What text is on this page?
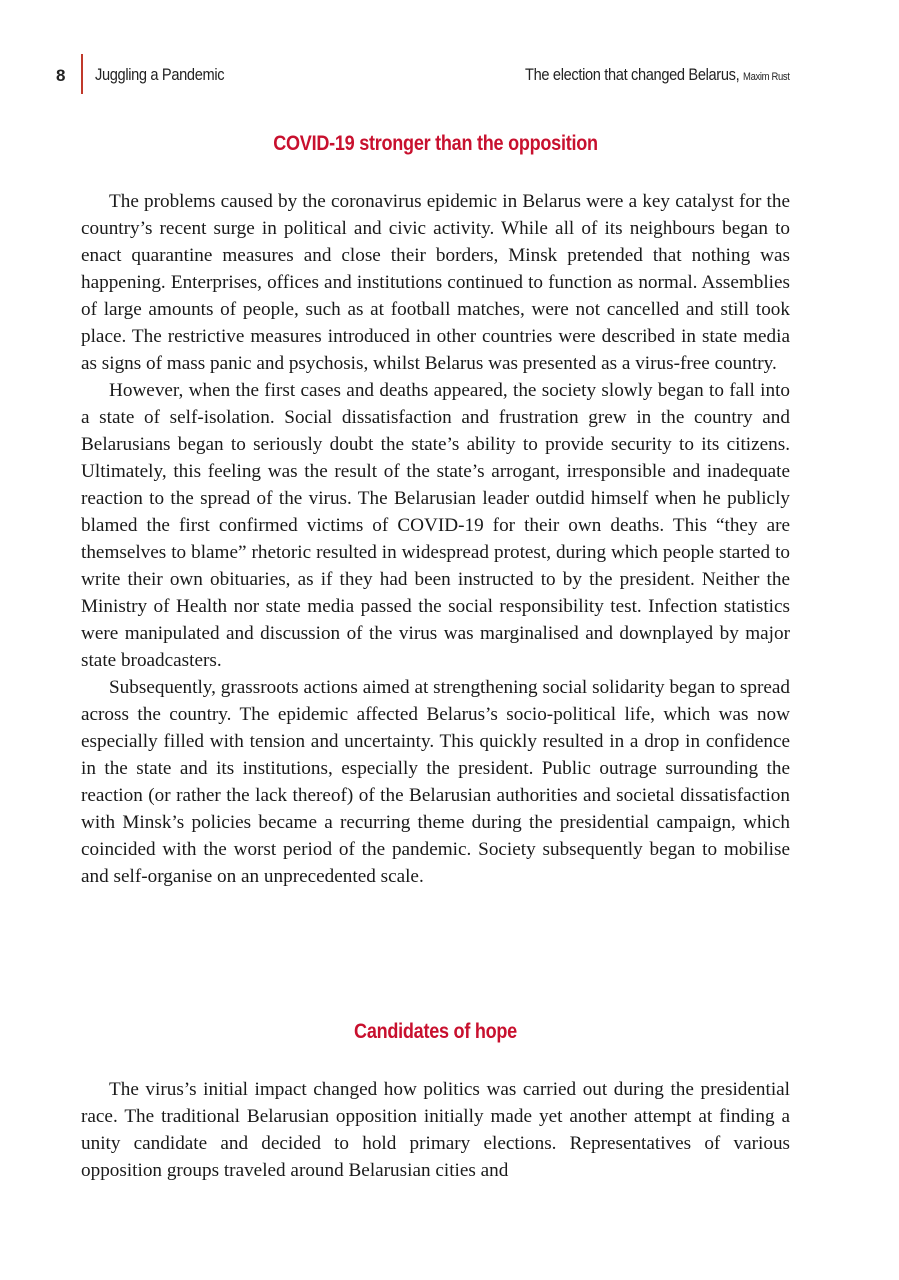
8 Juggling a Pandemic	The election that changed Belarus, Maxim Rust
COVID-19 stronger than the opposition

The problems caused by the coronavirus epidemic in Belarus were a key catalyst for the country’s recent surge in political and civic activity. While all of its neighbours began to enact quarantine measures and close their borders, Minsk pretended that nothing was happening. Enterprises, offices and institutions continued to function as normal. Assemblies of large amounts of people, such as at football matches, were not cancelled and still took place. The restrictive measures introduced in other countries were described in state media as signs of mass panic and psychosis, whilst Belarus was presented as a virus-free country.

However, when the first cases and deaths appeared, the society slowly began to fall into a state of self-isolation. Social dissatisfaction and frustration grew in the country and Belarusians began to seriously doubt the state’s ability to provide security to its citizens. Ultimately, this feeling was the result of the state’s arrogant, irresponsible and inadequate reaction to the spread of the virus. The Belarusian leader outdid himself when he publicly blamed the first confirmed victims of COVID-19 for their own deaths. This “they are themselves to blame” rhetoric resulted in widespread protest, during which people started to write their own obituaries, as if they had been instructed to by the president. Neither the Ministry of Health nor state media passed the social responsibility test. Infection statistics were manipulated and discussion of the virus was marginalised and downplayed by major state broadcasters.

Subsequently, grassroots actions aimed at strengthening social solidarity began to spread across the country. The epidemic affected Belarus’s socio-political life, which was now especially filled with tension and uncertainty. This quickly resulted in a drop in confidence in the state and its institutions, especially the president. Public outrage surrounding the reaction (or rather the lack thereof) of the Belarusian authorities and societal dissatisfaction with Minsk’s policies became a recurring theme during the presidential campaign, which coincided with the worst period of the pandemic. Society subsequently began to mobilise and self-organise on an unprecedented scale.

Candidates of hope

The virus’s initial impact changed how politics was carried out during the presidential race. The traditional Belarusian opposition initially made yet another attempt at finding a unity candidate and decided to hold primary elections. Representatives of various opposition groups traveled around Belarusian cities and
